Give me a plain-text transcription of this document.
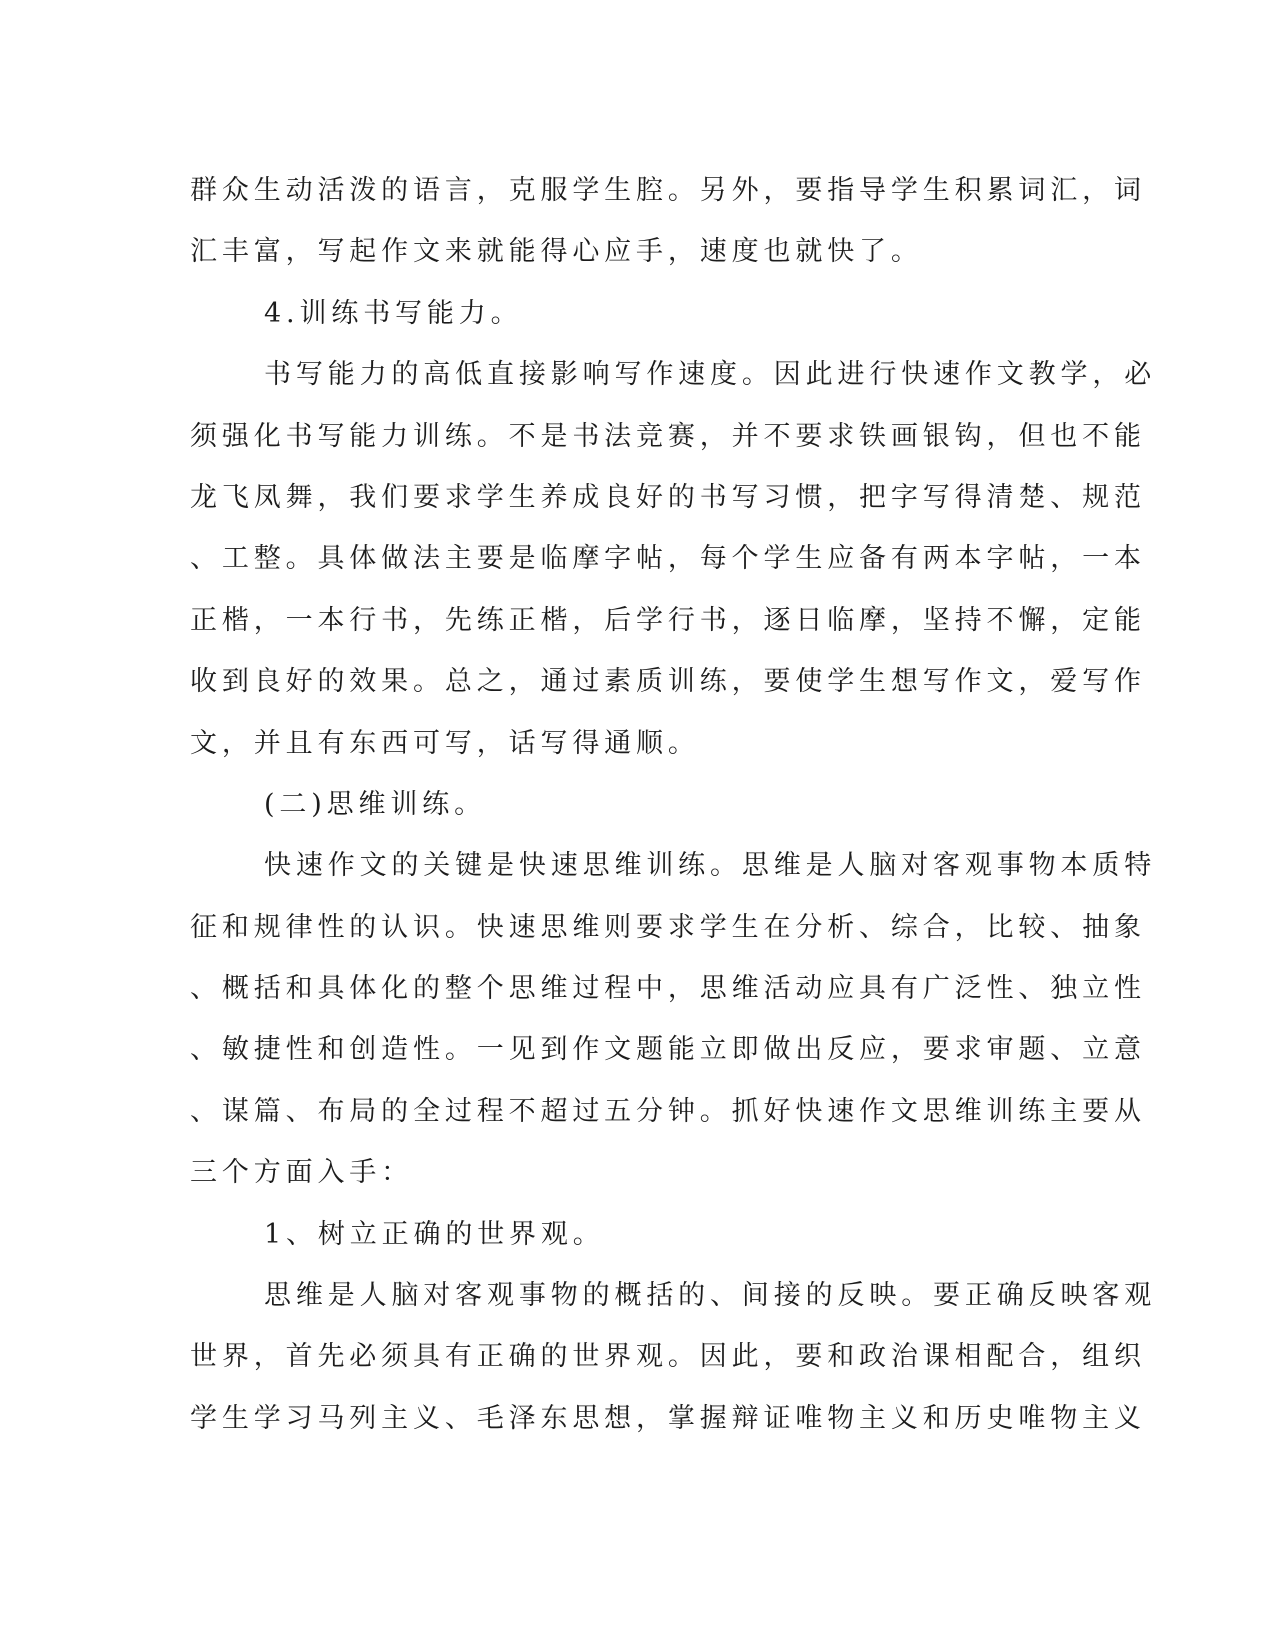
群众生动活泼的语言，克服学生腔。另外，要指导学生积累词汇，词
汇丰富，写起作文来就能得心应手，速度也就快了。
4.训练书写能力。
书写能力的高低直接影响写作速度。因此进行快速作文教学，必
须强化书写能力训练。不是书法竞赛，并不要求铁画银钩，但也不能
龙飞凤舞，我们要求学生养成良好的书写习惯，把字写得清楚、规范
、工整。具体做法主要是临摩字帖，每个学生应备有两本字帖，一本
正楷，一本行书，先练正楷，后学行书，逐日临摩，坚持不懈，定能
收到良好的效果。总之，通过素质训练，要使学生想写作文，爱写作
文，并且有东西可写，话写得通顺。
(二)思维训练。
快速作文的关键是快速思维训练。思维是人脑对客观事物本质特
征和规律性的认识。快速思维则要求学生在分析、综合，比较、抽象
、概括和具体化的整个思维过程中，思维活动应具有广泛性、独立性
、敏捷性和创造性。一见到作文题能立即做出反应，要求审题、立意
、谋篇、布局的全过程不超过五分钟。抓好快速作文思维训练主要从
三个方面入手：
1、树立正确的世界观。
思维是人脑对客观事物的概括的、间接的反映。要正确反映客观
世界，首先必须具有正确的世界观。因此，要和政治课相配合，组织
学生学习马列主义、毛泽东思想，掌握辩证唯物主义和历史唯物主义
